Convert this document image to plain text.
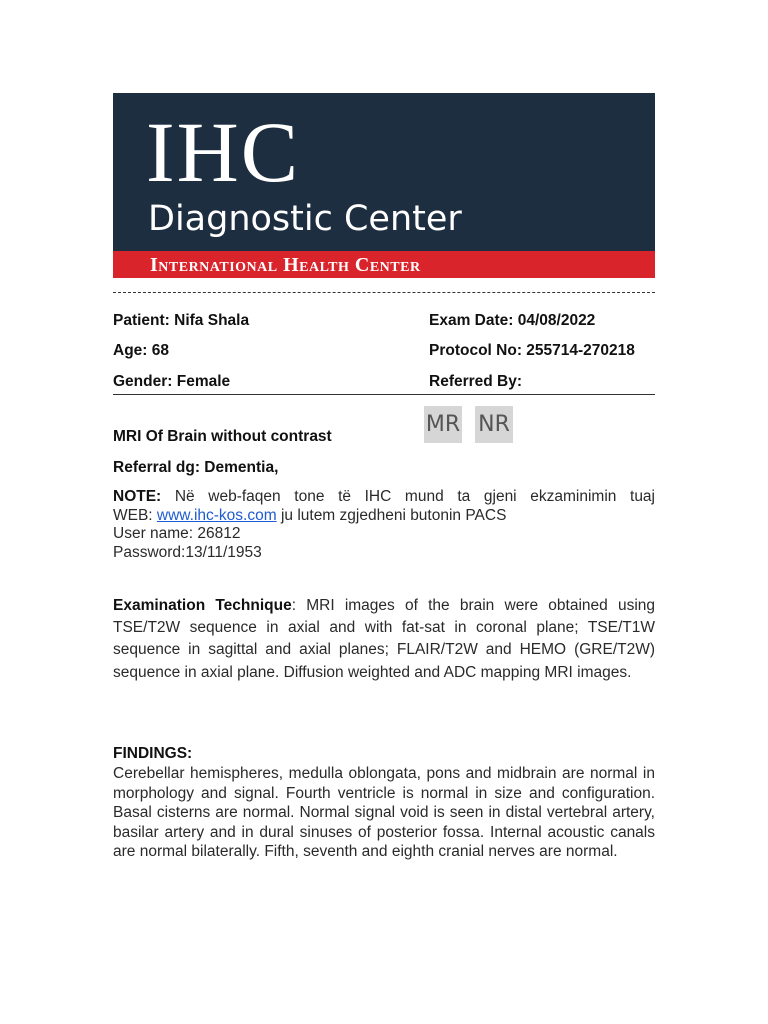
IHC
Diagnostic Center
International Health Center
Patient: Nifa Shala
Age: 68
Gender: Female
Exam Date: 04/08/2022
Protocol No: 255714-270218
Referred By:
MR NR
MRI Of Brain without contrast
Referral dg: Dementia,
NOTE: Në web-faqen tone të IHC mund ta gjeni ekzaminimin tuaj
WEB: www.ihc-kos.com ju lutem zgjedheni butonin PACS
User name: 26812
Password:13/11/1953
Examination Technique: MRI images of the brain were obtained using TSE/T2W sequence in axial and with fat-sat in coronal plane; TSE/T1W sequence in sagittal and axial planes; FLAIR/T2W and HEMO (GRE/T2W) sequence in axial plane. Diffusion weighted and ADC mapping MRI images.
FINDINGS:
Cerebellar hemispheres, medulla oblongata, pons and midbrain are normal in morphology and signal. Fourth ventricle is normal in size and configuration. Basal cisterns are normal. Normal signal void is seen in distal vertebral artery, basilar artery and in dural sinuses of posterior fossa. Internal acoustic canals are normal bilaterally. Fifth, seventh and eighth cranial nerves are normal.
